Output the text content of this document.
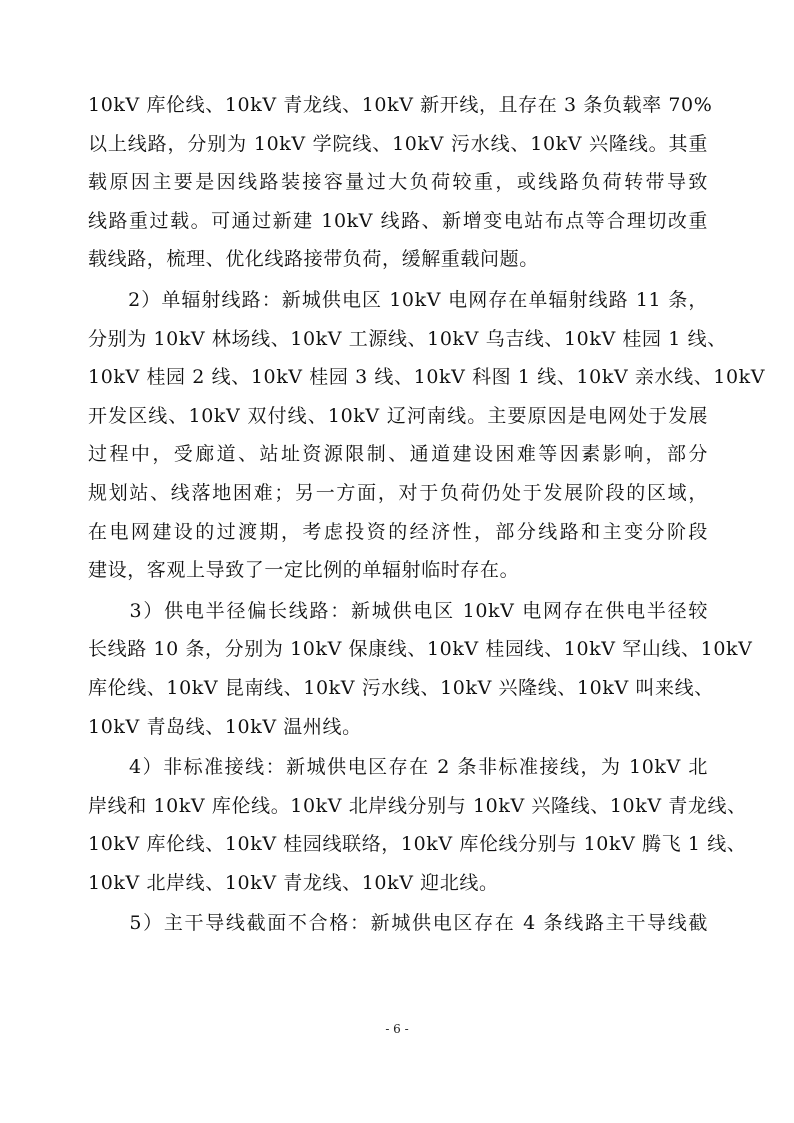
10kV 库伦线、10kV 青龙线、10kV 新开线，且存在 3 条负载率 70%
以上线路，分别为 10kV 学院线、10kV 污水线、10kV 兴隆线。其重
载原因主要是因线路装接容量过大负荷较重，或线路负荷转带导致
线路重过载。可通过新建 10kV 线路、新增变电站布点等合理切改重
载线路，梳理、优化线路接带负荷，缓解重载问题。
　　2）单辐射线路：新城供电区 10kV 电网存在单辐射线路 11 条，
分别为 10kV 林场线、10kV 工源线、10kV 乌吉线、10kV 桂园 1 线、
10kV 桂园 2 线、10kV 桂园 3 线、10kV 科图 1 线、10kV 亲水线、10kV
开发区线、10kV 双付线、10kV 辽河南线。主要原因是电网处于发展
过程中，受廊道、站址资源限制、通道建设困难等因素影响，部分
规划站、线落地困难；另一方面，对于负荷仍处于发展阶段的区域，
在电网建设的过渡期，考虑投资的经济性，部分线路和主变分阶段
建设，客观上导致了一定比例的单辐射临时存在。
　　3）供电半径偏长线路：新城供电区 10kV 电网存在供电半径较
长线路 10 条，分别为 10kV 保康线、10kV 桂园线、10kV 罕山线、10kV
库伦线、10kV 昆南线、10kV 污水线、10kV 兴隆线、10kV 叫来线、
10kV 青岛线、10kV 温州线。
　　4）非标准接线：新城供电区存在 2 条非标准接线，为 10kV 北
岸线和 10kV 库伦线。10kV 北岸线分别与 10kV 兴隆线、10kV 青龙线、
10kV 库伦线、10kV 桂园线联络，10kV 库伦线分别与 10kV 腾飞 1 线、
10kV 北岸线、10kV 青龙线、10kV 迎北线。
　　5）主干导线截面不合格：新城供电区存在 4 条线路主干导线截
- 6 -
